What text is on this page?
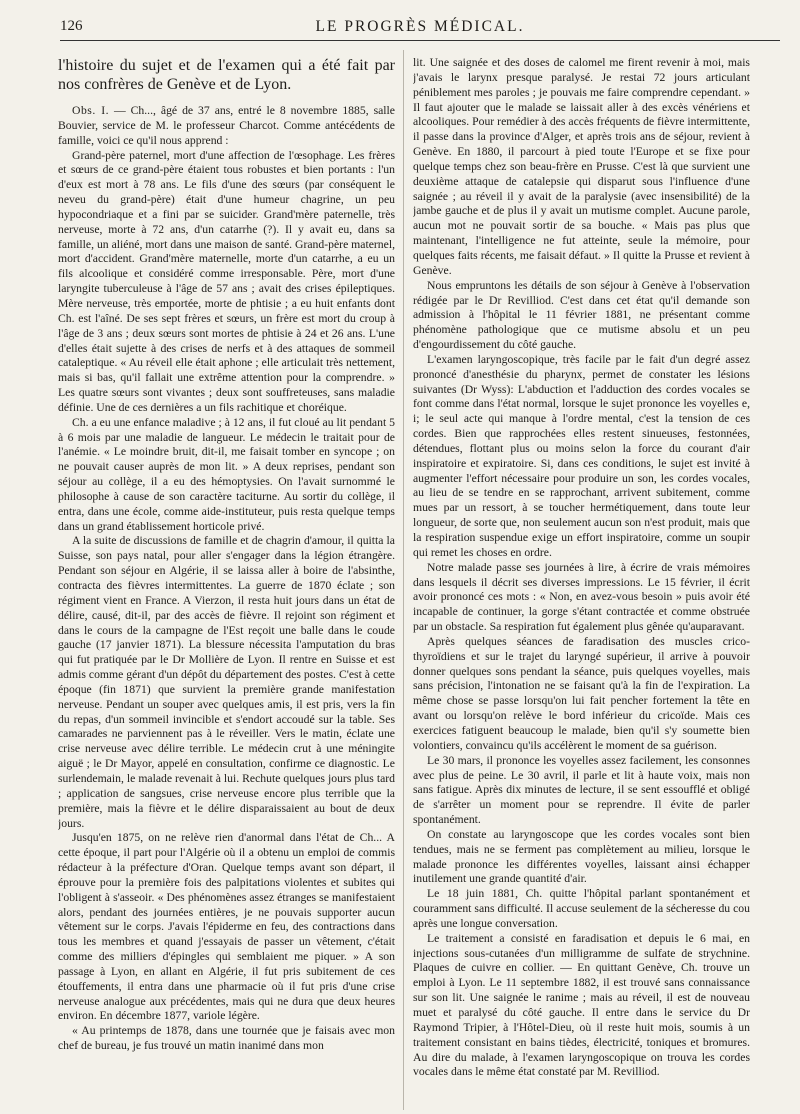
126	LE PROGRÈS MÉDICAL.

l'histoire du sujet et de l'examen qui a été fait par nos confrères de Genève et de Lyon.

Obs. I. — Ch..., âgé de 37 ans, entré le 8 novembre 1885, salle Bouvier, service de M. le professeur Charcot. Comme antécédents de famille, voici ce qu'il nous apprend :

Grand-père paternel, mort d'une affection de l'œsophage. Les frères et sœurs de ce grand-père étaient tous robustes et bien portants : l'un d'eux est mort à 78 ans. Le fils d'une des sœurs (par conséquent le neveu du grand-père) était d'une humeur chagrine, un peu hypocondriaque et a fini par se suicider. Grand'mère paternelle, très nerveuse, morte à 72 ans, d'un catarrhe (?). Il y avait eu, dans sa famille, un aliéné, mort dans une maison de santé. Grand-père maternel, mort d'accident. Grand'mère maternelle, morte d'un catarrhe, a eu un fils alcoolique et considéré comme irresponsable. Père, mort d'une laryngite tuberculeuse à l'âge de 57 ans ; avait des crises épileptiques. Mère nerveuse, très emportée, morte de phtisie ; a eu huit enfants dont Ch. est l'aîné. De ses sept frères et sœurs, un frère est mort du croup à l'âge de 3 ans ; deux sœurs sont mortes de phtisie à 24 et 26 ans. L'une d'elles était sujette à des crises de nerfs et à des attaques de sommeil cataleptique. « Au réveil elle était aphone ; elle articulait très nettement, mais si bas, qu'il fallait une extrême attention pour la comprendre. » Les quatre sœurs sont vivantes ; deux sont souffreteuses, sans maladie définie. Une de ces dernières a un fils rachitique et choréique.

Ch. a eu une enfance maladive ; à 12 ans, il fut cloué au lit pendant 5 à 6 mois par une maladie de langueur. Le médecin le traitait pour de l'anémie. « Le moindre bruit, dit-il, me faisait tomber en syncope ; on ne pouvait causer auprès de mon lit. » A deux reprises, pendant son séjour au collège, il a eu des hémoptysies. On l'avait surnommé le philosophe à cause de son caractère taciturne. Au sortir du collège, il entra, dans une école, comme aide-instituteur, puis resta quelque temps dans un grand établissement horticole privé.

A la suite de discussions de famille et de chagrin d'amour, il quitta la Suisse, son pays natal, pour aller s'engager dans la légion étrangère. Pendant son séjour en Algérie, il se laissa aller à boire de l'absinthe, contracta des fièvres intermittentes. La guerre de 1870 éclate ; son régiment vient en France. A Vierzon, il resta huit jours dans un état de délire, causé, dit-il, par des accès de fièvre. Il rejoint son régiment et dans le cours de la campagne de l'Est reçoit une balle dans le coude gauche (17 janvier 1871). La blessure nécessita l'amputation du bras qui fut pratiquée par le Dr Mollière de Lyon. Il rentre en Suisse et est admis comme gérant d'un dépôt du département des postes. C'est à cette époque (fin 1871) que survient la première grande manifestation nerveuse. Pendant un souper avec quelques amis, il est pris, vers la fin du repas, d'un sommeil invincible et s'endort accoudé sur la table. Ses camarades ne parviennent pas à le réveiller. Vers le matin, éclate une crise nerveuse avec délire terrible. Le médecin crut à une méningite aiguë ; le Dr Mayor, appelé en consultation, confirme ce diagnostic. Le surlendemain, le malade revenait à lui. Rechute quelques jours plus tard ; application de sangsues, crise nerveuse encore plus terrible que la première, mais la fièvre et le délire disparaissaient au bout de deux jours.

Jusqu'en 1875, on ne relève rien d'anormal dans l'état de Ch... A cette époque, il part pour l'Algérie où il a obtenu un emploi de commis rédacteur à la préfecture d'Oran. Quelque temps avant son départ, il éprouve pour la première fois des palpitations violentes et subites qui l'obligent à s'asseoir. « Des phénomènes assez étranges se manifestaient alors, pendant des journées entières, je ne pouvais supporter aucun vêtement sur le corps. J'avais l'épiderme en feu, des contractions dans tous les membres et quand j'essayais de passer un vêtement, c'était comme des milliers d'épingles qui semblaient me piquer. » A son passage à Lyon, en allant en Algérie, il fut pris subitement de ces étouffements, il entra dans une pharmacie où il fut pris d'une crise nerveuse analogue aux précédentes, mais qui ne dura que deux heures environ. En décembre 1877, variole légère.

« Au printemps de 1878, dans une tournée que je faisais avec mon chef de bureau, je fus trouvé un matin inanimé dans mon

lit. Une saignée et des doses de calomel me firent revenir à moi, mais j'avais le larynx presque paralysé. Je restai 72 jours articulant péniblement mes paroles ; je pouvais me faire comprendre cependant. » Il faut ajouter que le malade se laissait aller à des excès vénériens et alcooliques. Pour remédier à des accès fréquents de fièvre intermittente, il passe dans la province d'Alger, et après trois ans de séjour, revient à Genève. En 1880, il parcourt à pied toute l'Europe et se fixe pour quelque temps chez son beau-frère en Prusse. C'est là que survient une deuxième attaque de catalepsie qui disparut sous l'influence d'une saignée ; au réveil il y avait de la paralysie (avec insensibilité) de la jambe gauche et de plus il y avait un mutisme complet. Aucune parole, aucun mot ne pouvait sortir de sa bouche. « Mais pas plus que maintenant, l'intelligence ne fut atteinte, seule la mémoire, pour quelques faits récents, me faisait défaut. » Il quitte la Prusse et revient à Genève.

Nous empruntons les détails de son séjour à Genève à l'observation rédigée par le Dr Revilliod. C'est dans cet état qu'il demande son admission à l'hôpital le 11 février 1881, ne présentant comme phénomène pathologique que ce mutisme absolu et un peu d'engourdissement du côté gauche.

L'examen laryngoscopique, très facile par le fait d'un degré assez prononcé d'anesthésie du pharynx, permet de constater les lésions suivantes (Dr Wyss): L'abduction et l'adduction des cordes vocales se font comme dans l'état normal, lorsque le sujet prononce les voyelles e, i; le seul acte qui manque à l'ordre mental, c'est la tension de ces cordes. Bien que rapprochées elles restent sinueuses, festonnées, détendues, flottant plus ou moins selon la force du courant d'air inspiratoire et expiratoire. Si, dans ces conditions, le sujet est invité à augmenter l'effort nécessaire pour produire un son, les cordes vocales, au lieu de se tendre en se rapprochant, arrivent subitement, comme mues par un ressort, à se toucher hermétiquement, dans toute leur longueur, de sorte que, non seulement aucun son n'est produit, mais que la respiration suspendue exige un effort inspiratoire, comme un soupir qui remet les choses en ordre.

Notre malade passe ses journées à lire, à écrire de vrais mémoires dans lesquels il décrit ses diverses impressions. Le 15 février, il écrit avoir prononcé ces mots : « Non, en avez-vous besoin » puis avoir été incapable de continuer, la gorge s'étant contractée et comme obstruée par un obstacle. Sa respiration fut également plus gênée qu'auparavant.

Après quelques séances de faradisation des muscles crico-thyroïdiens et sur le trajet du laryngé supérieur, il arrive à pouvoir donner quelques sons pendant la séance, puis quelques voyelles, mais sans précision, l'intonation ne se faisant qu'à la fin de l'expiration. La même chose se passe lorsqu'on lui fait pencher fortement la tête en avant ou lorsqu'on relève le bord inférieur du cricoïde. Mais ces exercices fatiguent beaucoup le malade, bien qu'il s'y soumette bien volontiers, convaincu qu'ils accélèrent le moment de sa guérison.

Le 30 mars, il prononce les voyelles assez facilement, les consonnes avec plus de peine. Le 30 avril, il parle et lit à haute voix, mais non sans fatigue. Après dix minutes de lecture, il se sent essoufflé et obligé de s'arrêter un moment pour se reprendre. Il évite de parler spontanément.

On constate au laryngoscope que les cordes vocales sont bien tendues, mais ne se ferment pas complètement au milieu, lorsque le malade prononce les différentes voyelles, laissant ainsi échapper inutilement une grande quantité d'air.

Le 18 juin 1881, Ch. quitte l'hôpital parlant spontanément et couramment sans difficulté. Il accuse seulement de la sécheresse du cou après une longue conversation.

Le traitement a consisté en faradisation et depuis le 6 mai, en injections sous-cutanées d'un milligramme de sulfate de strychnine. Plaques de cuivre en collier. — En quittant Genève, Ch. trouve un emploi à Lyon. Le 11 septembre 1882, il est trouvé sans connaissance sur son lit. Une saignée le ranime ; mais au réveil, il est de nouveau muet et paralysé du côté gauche. Il entre dans le service du Dr Raymond Tripier, à l'Hôtel-Dieu, où il reste huit mois, soumis à un traitement consistant en bains tièdes, électricité, toniques et bromures. Au dire du malade, à l'examen laryngoscopique on trouva les cordes vocales dans le même état constaté par M. Revilliod.
